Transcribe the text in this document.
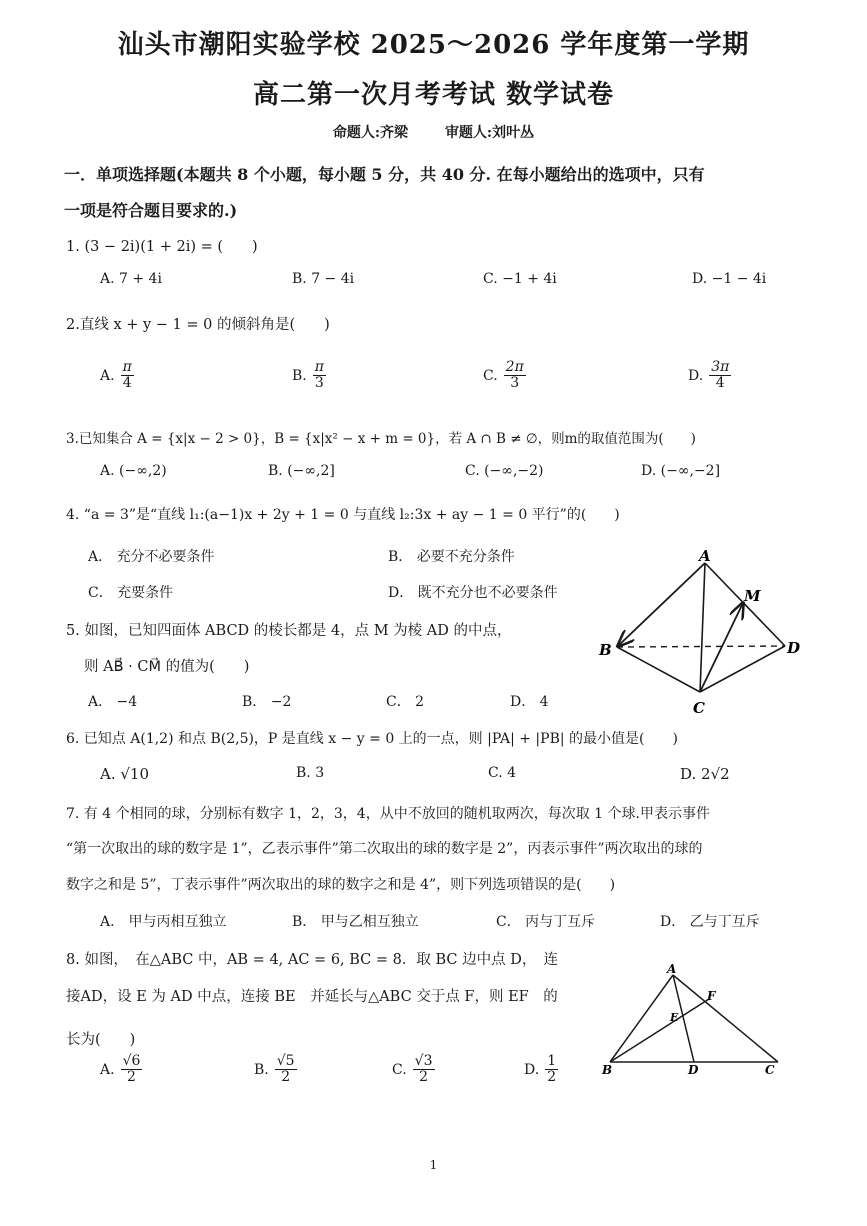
汕头市潮阳实验学校 2025～2026 学年度第一学期
高二第一次月考考试 数学试卷
命题人:齐梁	审题人:刘叶丛
一．单项选择题(本题共 8 个小题，每小题 5 分，共 40 分. 在每小题给出的选项中，只有
一项是符合题目要求的.)
1. (3 − 2i)(1 + 2i) = (　　)
A. 7 + 4i	B. 7 − 4i	C. −1 + 4i	D. −1 − 4i
2.直线 x + y − 1 = 0 的倾斜角是(　　)
A. $\frac{\pi}{4}$	B. $\frac{\pi}{3}$	C. $\frac{2\pi}{3}$	D. $\frac{3\pi}{4}$
3.已知集合 A = {x|x − 2 > 0}，B = {x|x² − x + m = 0}，若 A ∩ B ≠ ∅，则m的取值范围为(　　)
A. (−∞,2)	B. (−∞,2]	C. (−∞,−2)	D. (−∞,−2]
4. “a = 3”是“直线 l₁:(a−1)x + 2y + 1 = 0 与直线 l₂:3x + ay − 1 = 0 平行”的(　　)
A． 充分不必要条件	B． 必要不充分条件
C． 充要条件	D． 既不充分也不必要条件
5. 如图，已知四面体 ABCD 的棱长都是 4，点 M 为棱 AD 的中点，
则 AB⃗ · CM⃗ 的值为(　　)
A． −4	B． −2	C． 2	D． 4
A
B
C
D
M
6. 已知点 A(1,2) 和点 B(2,5)，P 是直线 x − y = 0 上的一点，则 |PA| + |PB| 的最小值是(　　)
A. √10	B. 3	C. 4	D. 2√2
7. 有 4 个相同的球，分别标有数字 1，2，3，4，从中不放回的随机取两次，每次取 1 个球.甲表示事件
“第一次取出的球的数字是 1”，乙表示事件”第二次取出的球的数字是 2”，丙表示事件”两次取出的球的
数字之和是 5”，丁表示事件”两次取出的球的数字之和是 4”，则下列选项错误的是(　　)
A． 甲与丙相互独立	B． 甲与乙相互独立	C． 丙与丁互斥	D． 乙与丁互斥
8. 如图，　在△ABC 中，AB = 4, AC = 6, BC = 8．取 BC 边中点 D，　连
接AD，设 E 为 AD 中点，连接 BE　并延长与△ABC 交于点 F，则 EF　的
长为(　　)
A. $\frac{√6}{2}$	B. $\frac{√5}{2}$	C. $\frac{√3}{2}$	D. $\frac{1}{2}$
A
B	C
D
E
F
1
